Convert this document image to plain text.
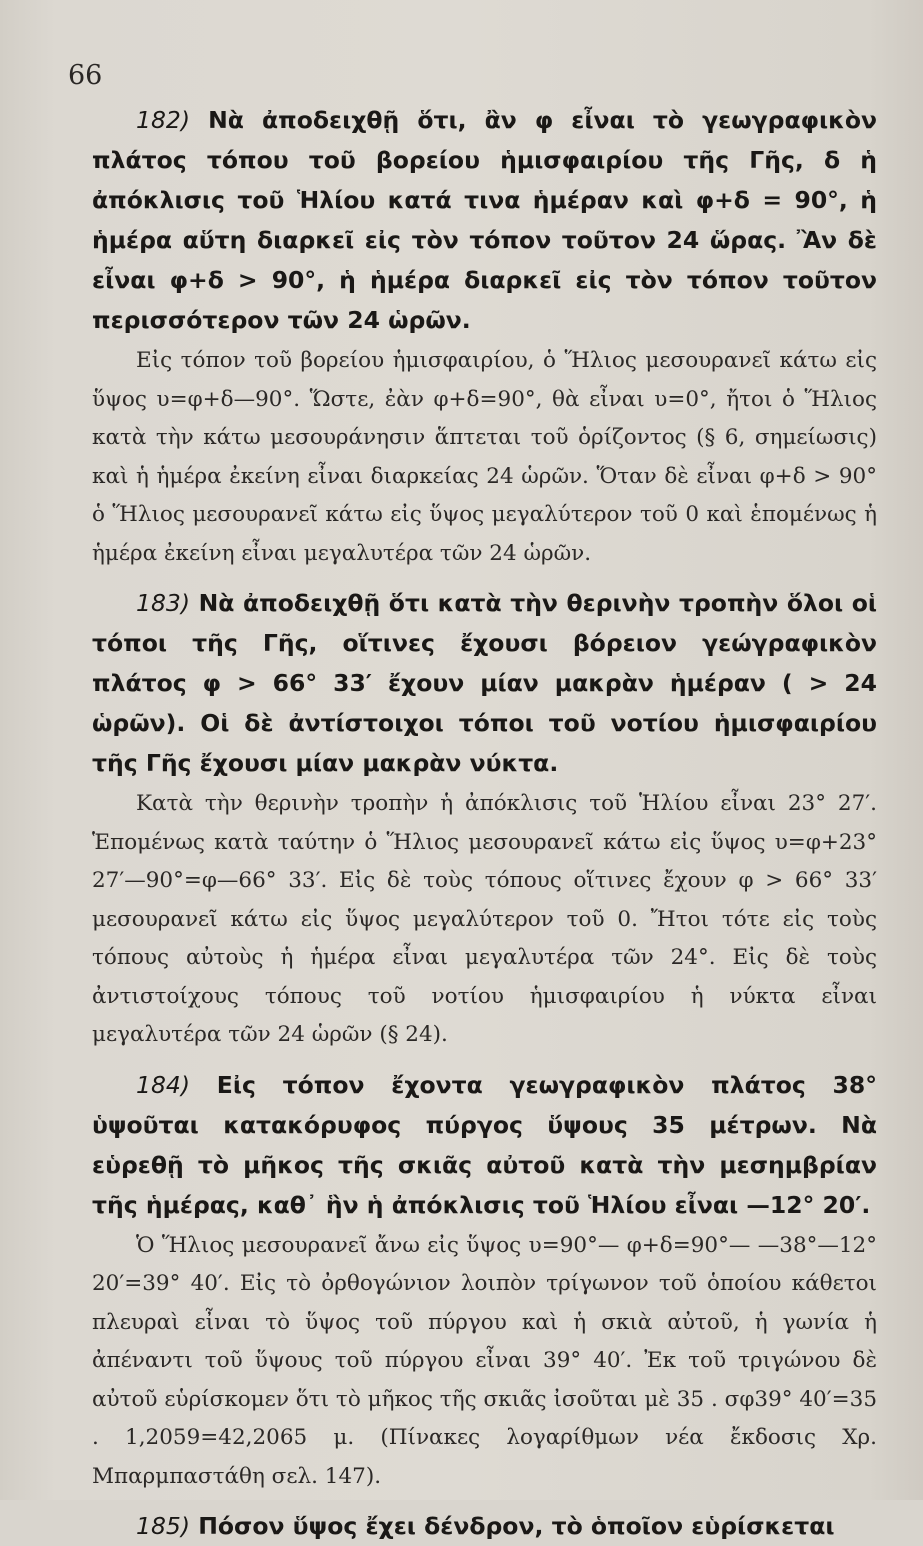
66

182) Νὰ ἀποδειχθῇ ὅτι, ἂν φ εἶναι τὸ γεωγραφικὸν πλάτος τόπου τοῦ βορείου ἡμισφαιρίου τῆς Γῆς, δ ἡ ἀπόκλισις τοῦ Ἡλίου κατά τινα ἡμέραν καὶ φ+δ = 90°, ἡ ἡμέρα αὕτη διαρκεῖ εἰς τὸν τόπον τοῦτον 24 ὥρας. Ἂν δὲ εἶναι φ+δ > 90°, ἡ ἡμέρα διαρκεῖ εἰς τὸν τόπον τοῦτον περισσότερον τῶν 24 ὡρῶν.

Εἰς τόπον τοῦ βορείου ἡμισφαιρίου, ὁ Ἥλιος μεσουρανεῖ κάτω εἰς ὕψος υ=φ+δ—90°. Ὥστε, ἐὰν φ+δ=90°, θὰ εἶναι υ=0°, ἤτοι ὁ Ἥλιος κατὰ τὴν κάτω μεσουράνησιν ἅπτεται τοῦ ὁρίζοντος (§ 6, σημείωσις) καὶ ἡ ἡμέρα ἐκείνη εἶναι διαρκείας 24 ὡρῶν. Ὅταν δὲ εἶναι φ+δ > 90° ὁ Ἥλιος μεσουρανεῖ κάτω εἰς ὕψος μεγαλύτερον τοῦ 0 καὶ ἑπομένως ἡ ἡμέρα ἐκείνη εἶναι μεγαλυτέρα τῶν 24 ὡρῶν.

183) Νὰ ἀποδειχθῇ ὅτι κατὰ τὴν θερινὴν τροπὴν ὅλοι οἱ τόποι τῆς Γῆς, οἵτινες ἔχουσι βόρειον γεώγραφικὸν πλάτος φ > 66° 33′ ἔχουν μίαν μακρὰν ἡμέραν ( > 24 ὡρῶν). Οἱ δὲ ἀντίστοιχοι τόποι τοῦ νοτίου ἡμισφαιρίου τῆς Γῆς ἔχουσι μίαν μακρὰν νύκτα.

Κατὰ τὴν θερινὴν τροπὴν ἡ ἀπόκλισις τοῦ Ἡλίου εἶναι 23° 27′. Ἑπομένως κατὰ ταύτην ὁ Ἥλιος μεσουρανεῖ κάτω εἰς ὕψος υ=φ+23° 27′—90°=φ—66° 33′. Εἰς δὲ τοὺς τόπους οἵτινες ἔχουν φ > 66° 33′ μεσουρανεῖ κάτω εἰς ὕψος μεγαλύτερον τοῦ 0. Ἤτοι τότε εἰς τοὺς τόπους αὐτοὺς ἡ ἡμέρα εἶναι μεγαλυτέρα τῶν 24°. Εἰς δὲ τοὺς ἀντιστοίχους τόπους τοῦ νοτίου ἡμισφαιρίου ἡ νύκτα εἶναι μεγαλυτέρα τῶν 24 ὡρῶν (§ 24).

184) Εἰς τόπον ἔχοντα γεωγραφικὸν πλάτος 38° ὑψοῦται κατακόρυφος πύργος ὕψους 35 μέτρων. Νὰ εὑρεθῇ τὸ μῆκος τῆς σκιᾶς αὐτοῦ κατὰ τὴν μεσημβρίαν τῆς ἡμέρας, καθ᾽ ἣν ἡ ἀπόκλισις τοῦ Ἡλίου εἶναι —12° 20′.

Ὁ Ἥλιος μεσουρανεῖ ἄνω εἰς ὕψος υ=90°— φ+δ=90°— —38°—12° 20′=39° 40′. Εἰς τὸ ὀρθογώνιον λοιπὸν τρίγωνον τοῦ ὁποίου κάθετοι πλευραὶ εἶναι τὸ ὕψος τοῦ πύργου καὶ ἡ σκιὰ αὐτοῦ, ἡ γωνία ἡ ἀπέναντι τοῦ ὕψους τοῦ πύργου εἶναι 39° 40′. Ἐκ τοῦ τριγώνου δὲ αὐτοῦ εὑρίσκομεν ὅτι τὸ μῆκος τῆς σκιᾶς ἰσοῦται μὲ 35 . σφ39° 40′=35 . 1,2059=42,2065 μ. (Πίνακες λογαρίθμων νέα ἔκδοσις Χρ. Μπαρμπαστάθη σελ. 147).

185) Πόσον ὕψος ἔχει δένδρον, τὸ ὁποῖον εὑρίσκεται
